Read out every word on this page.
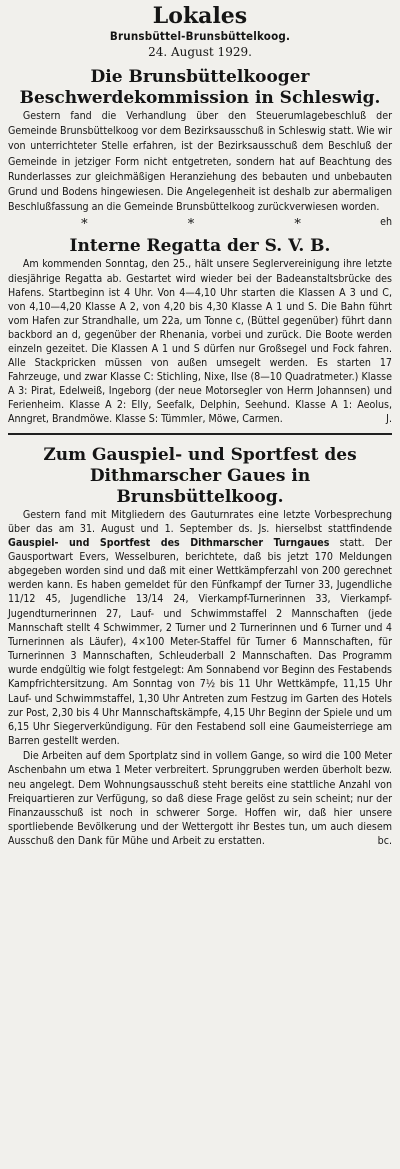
Lokales
Brunsbüttel-Brunsbüttelkoog.
24. August 1929.
Die Brunsbüttelkooger Beschwerdekommission in Schleswig.

Gestern fand die Verhandlung über den Steuerumlagebeschluß der Gemeinde Brunsbüttelkoog vor dem Bezirksausschuß in Schleswig statt. Wie wir von unterrichteter Stelle erfahren, ist der Bezirksausschuß dem Beschluß der Gemeinde in jetziger Form nicht entgetreten, sondern hat auf Beachtung des Runderlasses zur gleichmäßigen Heranziehung des bebauten und unbebauten Grund und Bodens hingewiesen. Die Angelegenheit ist deshalb zur abermaligen Beschlußfassung an die Gemeinde Brunsbüttelkoog zurückverwiesen worden.
eh

* * *
Interne Regatta der S. V. B.

Am kommenden Sonntag, den 25., hält unsere Seglervereinigung ihre letzte diesjährige Regatta ab. Gestartet wird wieder bei der Badeanstaltsbrücke des Hafens. Startbeginn ist 4 Uhr. Von 4—4,10 Uhr starten die Klassen A 3 und C, von 4,10—4,20 Klasse A 2, von 4,20 bis 4,30 Klasse A 1 und S. Die Bahn führt vom Hafen zur Strandhalle, um 22a, um Tonne c, (Büttel gegenüber) führt dann backbord an d, gegenüber der Rhenania, vorbei und zurück. Die Boote werden einzeln gezeitet. Die Klassen A 1 und S dürfen nur Großsegel und Fock fahren. Alle Stackpricken müssen von außen umsegelt werden. Es starten 17 Fahrzeuge, und zwar Klasse C: Stichling, Nixe, Ilse (8—10 Quadratmeter.) Klasse A 3: Pirat, Edelweiß, Ingeborg (der neue Motorsegler von Herrn Johannsen) und Ferienheim. Klasse A 2: Elly, Seefalk, Delphin, Seehund. Klasse A 1: Aeolus, Anngret, Brandmöwe. Klasse S: Tümmler, Möwe, Carmen.	J.

Zum Gauspiel- und Sportfest des Dithmarscher Gaues in Brunsbüttelkoog.

Gestern fand mit Mitgliedern des Gauturnrates eine letzte Vorbesprechung über das am 31. August und 1. September ds. Js. hierselbst stattfindende Gauspiel- und Sportfest des Dithmarscher Turngaues statt. Der Gausportwart Evers, Wesselburen, berichtete, daß bis jetzt 170 Meldungen abgegeben worden sind und daß mit einer Wettkämpferzahl von 200 gerechnet werden kann. Es haben gemeldet für den Fünfkampf der Turner 33, Jugendliche 11/12 45, Jugendliche 13/14 24, Vierkampf-Turnerinnen 33, Vierkampf-Jugendturnerinnen 27, Lauf- und Schwimmstaffel 2 Mannschaften (jede Mannschaft stellt 4 Schwimmer, 2 Turner und 2 Turnerinnen und 6 Turner und 4 Turnerinnen als Läufer), 4×100 Meter-Staffel für Turner 6 Mannschaften, für Turnerinnen 3 Mannschaften, Schleuderball 2 Mannschaften. Das Programm wurde endgültig wie folgt festgelegt: Am Sonnabend vor Beginn des Festabends Kampfrichtersitzung. Am Sonntag von 7½ bis 11 Uhr Wettkämpfe, 11,15 Uhr Lauf- und Schwimmstaffel, 1,30 Uhr Antreten zum Festzug im Garten des Hotels zur Post, 2,30 bis 4 Uhr Mannschaftskämpfe, 4,15 Uhr Beginn der Spiele und um 6,15 Uhr Siegerverkündigung. Für den Festabend soll eine Gaumeisterriege am Barren gestellt werden.

Die Arbeiten auf dem Sportplatz sind in vollem Gange, so wird die 100 Meter Aschenbahn um etwa 1 Meter verbreitert. Sprunggruben werden überholt bezw. neu angelegt. Dem Wohnungsausschuß steht bereits eine stattliche Anzahl von Freiquartieren zur Verfügung, so daß diese Frage gelöst zu sein scheint; nur der Finanzausschuß ist noch in schwerer Sorge. Hoffen wir, daß hier unsere sportliebende Bevölkerung und der Wettergott ihr Bestes tun, um auch diesem Ausschuß den Dank für Mühe und Arbeit zu erstatten.	bc.
